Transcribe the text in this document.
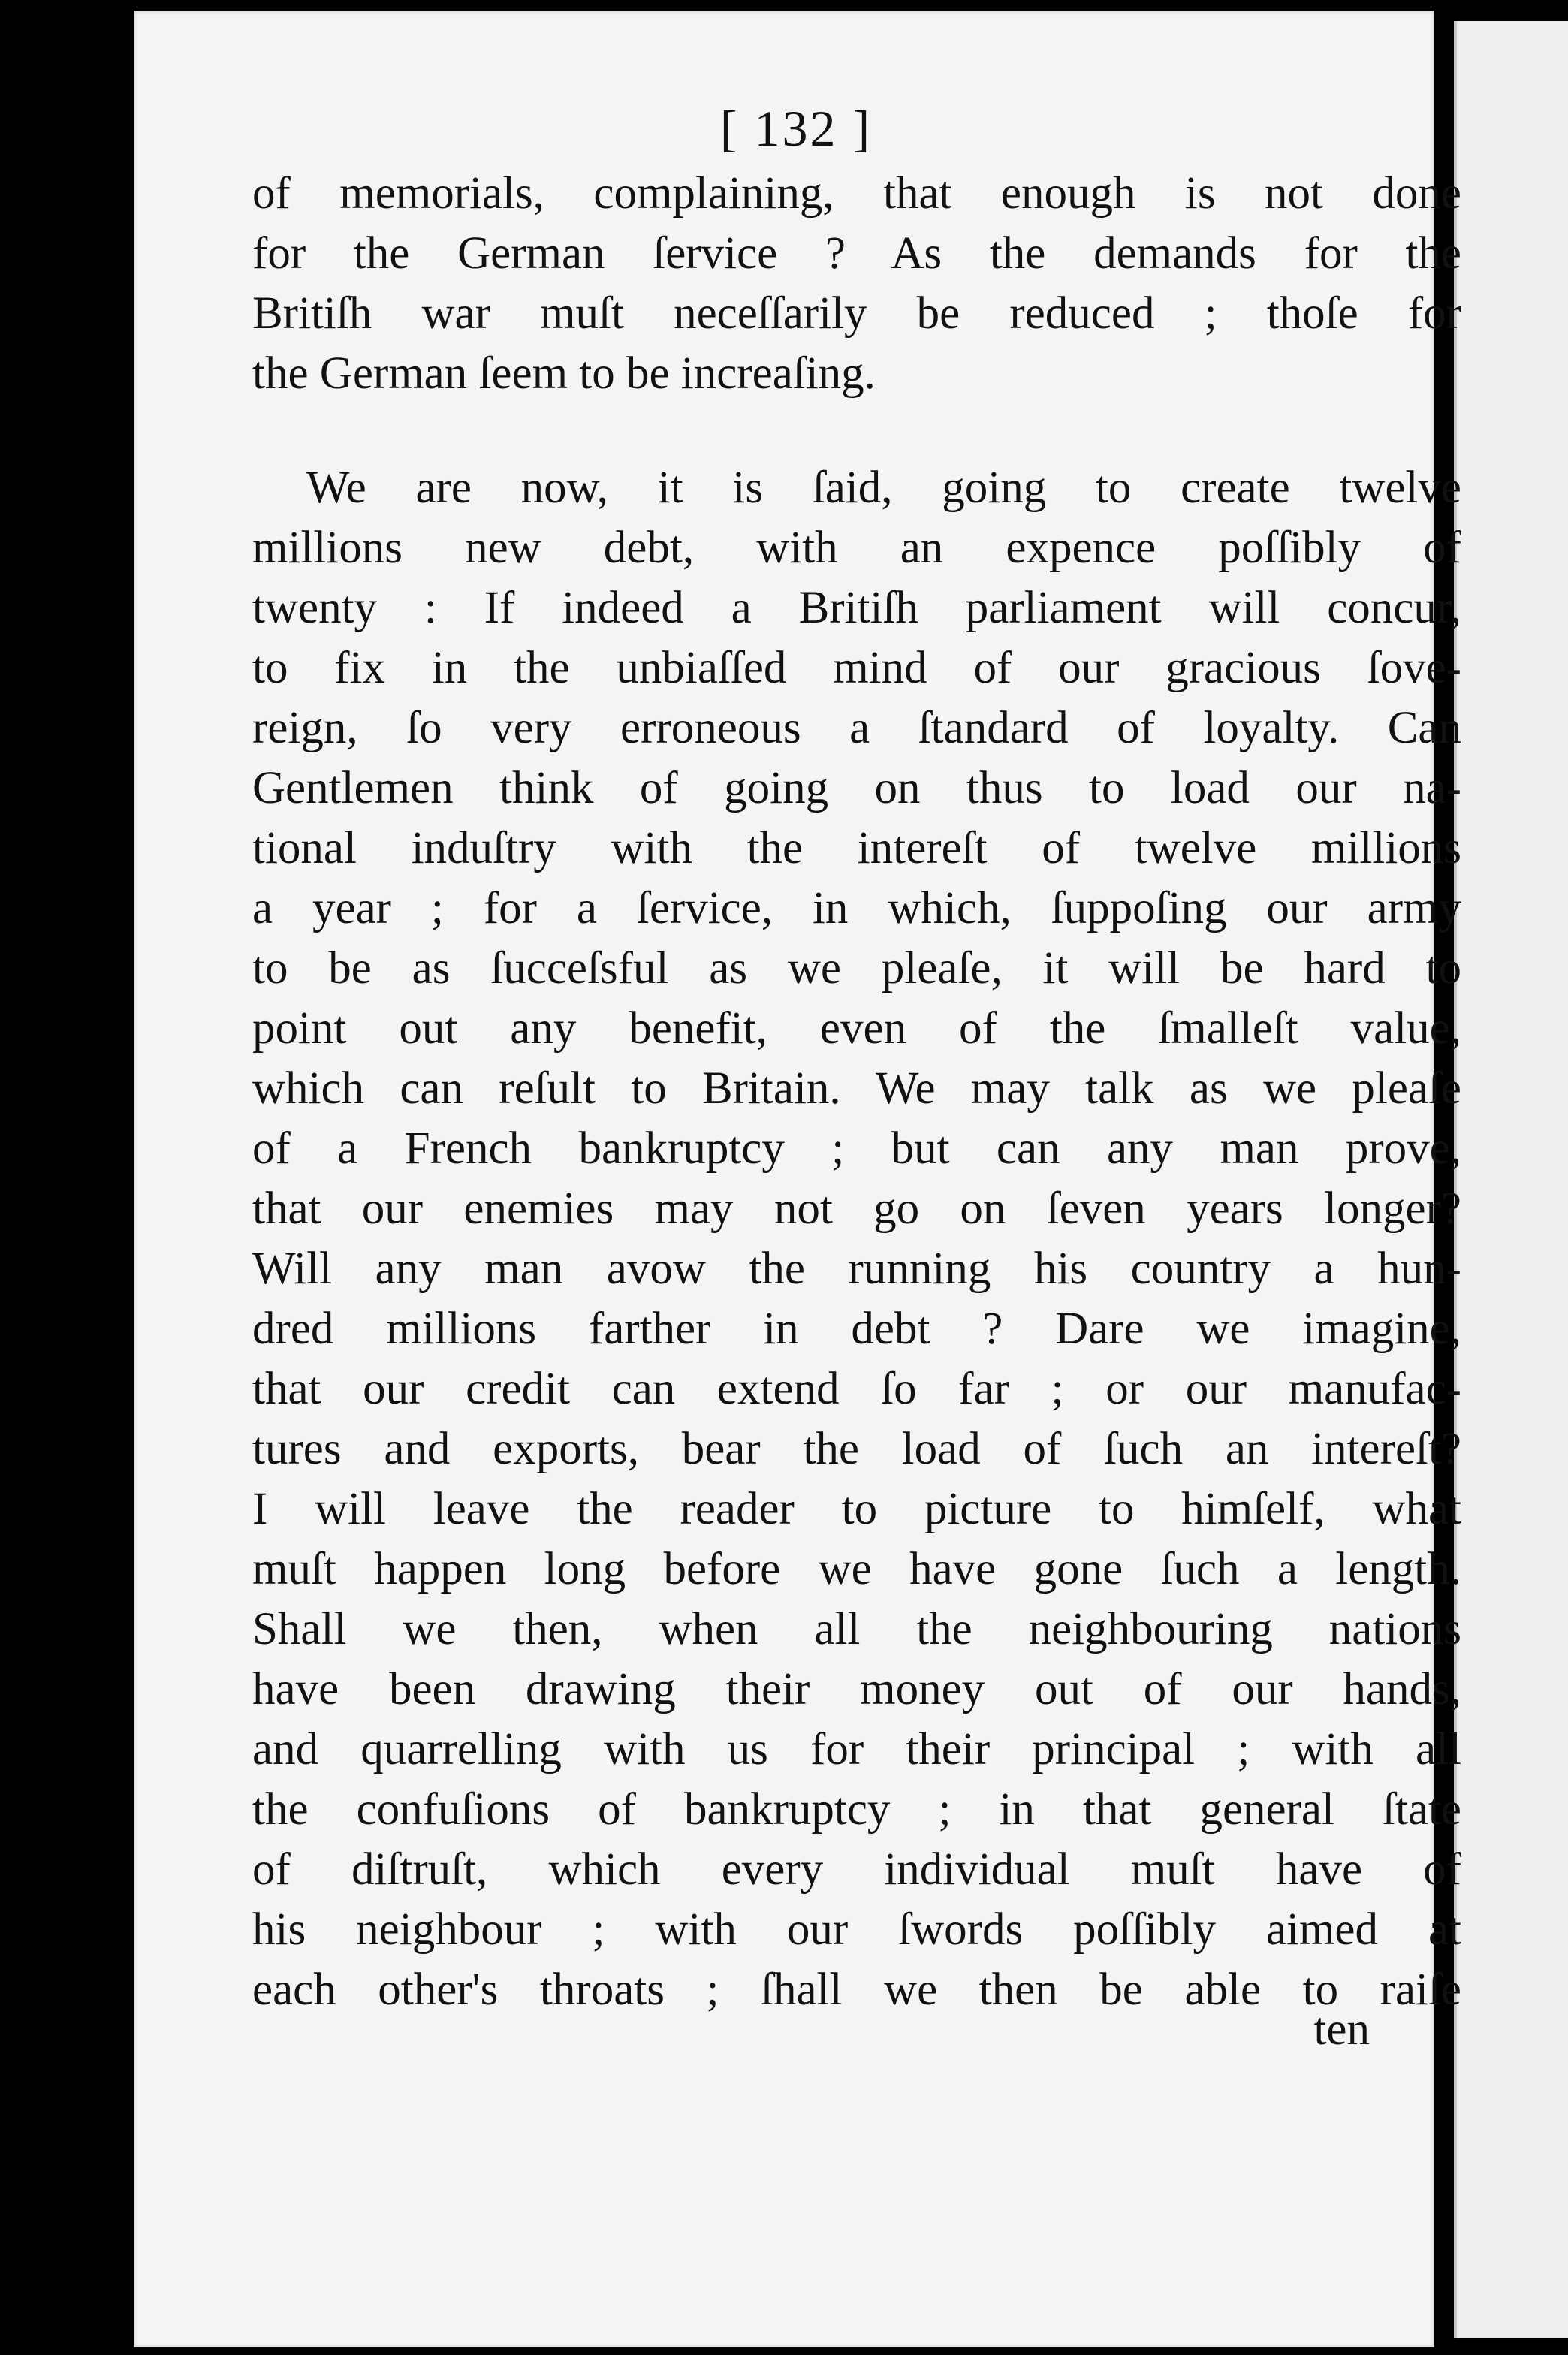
[ 132 ]
of memorials, complaining, that enough is not done
for the German ſervice ? As the demands for the
Britiſh war muſt neceſſarily be reduced ; thoſe for
the German ſeem to be increaſing.
We are now, it is ſaid, going to create twelve
millions new debt, with an expence poſſibly of
twenty : If indeed a Britiſh parliament will concur,
to fix in the unbiaſſed mind of our gracious ſove-
reign, ſo very erroneous a ſtandard of loyalty. Can
Gentlemen think of going on thus to load our na-
tional induſtry with the intereſt of twelve millions
a year ; for a ſervice, in which, ſuppoſing our army
to be as ſucceſsful as we pleaſe, it will be hard to
point out any benefit, even of the ſmalleſt value,
which can reſult to Britain. We may talk as we pleaſe
of a French bankruptcy ; but can any man prove,
that our enemies may not go on ſeven years longer?
Will any man avow the running his country a hun-
dred millions farther in debt ? Dare we imagine,
that our credit can extend ſo far ; or our manufac-
tures and exports, bear the load of ſuch an intereſt?
I will leave the reader to picture to himſelf, what
muſt happen long before we have gone ſuch a length.
Shall we then, when all the neighbouring nations
have been drawing their money out of our hands,
and quarrelling with us for their principal ; with all
the confuſions of bankruptcy ; in that general ſtate
of diſtruſt, which every individual muſt have of
his neighbour ; with our ſwords poſſibly aimed at
each other's throats ; ſhall we then be able to raiſe
ten
